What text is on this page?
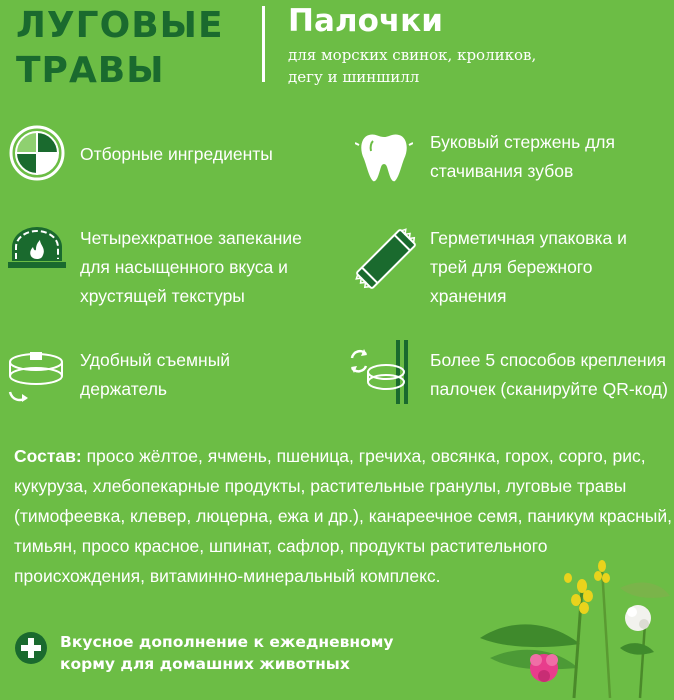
ЛУГОВЫЕ
ТРАВЫ
Палочки
для морских свинок, кроликов,
дегу и шиншилл
Отборные ингредиенты
Буковый стержень для
стачивания зубов
Четырехкратное запекание
для насыщенного вкуса и
хрустящей текстуры
Герметичная упаковка и
трей для бережного
хранения
Удобный съемный
держатель
Более 5 способов крепления
палочек (сканируйте QR-код)
Состав: просо жёлтое, ячмень, пшеница, гречиха, овсянка, горох, сорго, рис, кукуруза, хлебопекарные продукты, растительные гранулы, луговые травы (тимофеевка, клевер, люцерна, ежа и др.), канареечное семя, паникум красный, тимьян, просо красное, шпинат, сафлор, продукты растительного происхождения, витаминно-минеральный комплекс.
Вкусное дополнение к ежедневному
корму для домашних животных
